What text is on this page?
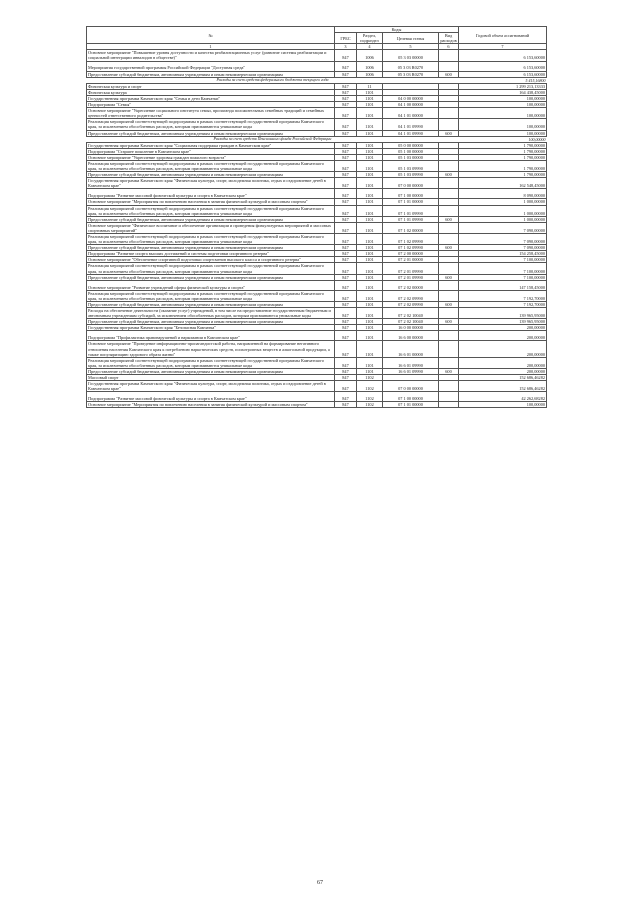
№	Коды				Годовой объем ассигнований
	ГРБС	Раздел, подраздел	Целевая статья	Вид расходов	
1	3	4	5	6	7
Основное мероприятие "Повышение уровня доступности и качества реабилитационных услуг (развитие системы реабилитации и социальной интеграции инвалидов в обществе)"	847	1006	05 3 03 00000		6 153,60000
Мероприятия государственной программы Российской Федерации "Доступная среда"	847	1006	05 3 03 R0270		6 153,60000
Предоставление субсидий бюджетным, автономным учреждениям и иным некоммерческим организациям	847	1006	05 3 03 R0270	600	6 153,60000
Расходы за счет средств федерального бюджета текущего года					5 415,16800
Физическая культура и спорт	847	11			1 299 213,13333
Физическая культура	847	1101			164 438,45000
Государственная программа Камчатского края "Семья и дети Камчатки"	847	1101	04 0 00 00000		100,00000
Подпрограмма "Семья"	847	1101	04 1 00 00000		100,00000
Основное мероприятие "Укрепление социального института семьи, пропаганда положительных семейных традиций и семейных ценностей ответственного родительства"	847	1101	04 1 01 00000		100,00000
Реализация мероприятий соответствующей подпрограммы в рамках соответствующей государственной программы Камчатского края, за исключением обособленных расходов, которым присваиваются уникальные коды	847	1101	04 1 01 09990		100,00000
Предоставление субсидий бюджетным, автономным учреждениям и иным некоммерческим организациям	847	1101	04 1 01 09990	600	100,00000
Расходы за счет средств Пенсионного фонда Российской Федерации					100,00000
Государственная программа Камчатского края "Социальная поддержка граждан в Камчатском крае"	847	1101	05 0 00 00000		1 790,00000
Подпрограмма "Старшее поколение в Камчатском крае"	847	1101	05 1 00 00000		1 790,00000
Основное мероприятие "Укрепление здоровья граждан пожилого возраста"	847	1101	05 1 03 00000		1 790,00000
Реализация мероприятий соответствующей подпрограммы в рамках соответствующей государственной программы Камчатского края, за исключением обособленных расходов, которым присваиваются уникальные коды	847	1101	05 1 03 09990		1 790,00000
Предоставление субсидий бюджетным, автономным учреждениям и иным некоммерческим организациям	847	1101	05 1 03 09990	600	1 790,00000
Государственная программа Камчатского края "Физическая культура, спорт, молодежная политика, отдых и оздоровление детей в Камчатском крае"	847	1101	07 0 00 00000		162 548,45000
Подпрограмма "Развитие массовой физической культуры и спорта в Камчатском крае"	847	1101	07 1 00 00000		8 090,00000
Основное мероприятие "Мероприятия по вовлечению населения в занятия физической культурой и массовым спортом"	847	1101	07 1 01 00000		1 000,00000
Реализация мероприятий соответствующей подпрограммы в рамках соответствующей государственной программы Камчатского края, за исключением обособленных расходов, которым присваиваются уникальные коды	847	1101	07 1 01 09990		1 000,00000
Предоставление субсидий бюджетным, автономным учреждениям и иным некоммерческим организациям	847	1101	07 1 01 09990	600	1 000,00000
Основное мероприятие "Физическое воспитание и обеспечение организации и проведения физкультурных мероприятий и массовых спортивных мероприятий"	847	1101	07 1 02 00000		7 090,00000
Реализация мероприятий соответствующей подпрограммы в рамках соответствующей государственной программы Камчатского края, за исключением обособленных расходов, которым присваиваются уникальные коды	847	1101	07 1 02 09990		7 090,00000
Предоставление субсидий бюджетным, автономным учреждениям и иным некоммерческим организациям	847	1101	07 1 02 09990	600	7 090,00000
Подпрограмма "Развитие спорта высших достижений и системы подготовки спортивного резерва"	847	1101	07 2 00 00000		154 258,45000
Основное мероприятие "Обеспечение спортивной подготовки спортсменов высокого класса и спортивного резерва"	847	1101	07 2 01 00000		7 100,00000
Реализация мероприятий соответствующей подпрограммы в рамках соответствующей государственной программы Камчатского края, за исключением обособленных расходов, которым присваиваются уникальные коды	847	1101	07 2 01 09990		7 100,00000
Предоставление субсидий бюджетным, автономным учреждениям и иным некоммерческим организациям	847	1101	07 2 01 09990	600	7 100,00000
Основное мероприятие "Развитие учреждений сферы физической культуры и спорта"	847	1101	07 2 02 00000		147 158,45000
Реализация мероприятий соответствующей подпрограммы в рамках соответствующей государственной программы Камчатского края, за исключением обособленных расходов, которым присваиваются уникальные коды	847	1101	07 2 02 09990		7 192,70000
Предоставление субсидий бюджетным, автономным учреждениям и иным некоммерческим организациям	847	1101	07 2 02 09990	600	7 192,70000
Расходы на обеспечение деятельности (оказание услуг) учреждений, в том числе на предоставление государственным бюджетным и автономным учреждениям субсидий, за исключением обособленных расходов, которым присваиваются уникальные коды	847	1101	07 2 02 10040		139 965,95000
Предоставление субсидий бюджетным, автономным учреждениям и иным некоммерческим организациям	847	1101	07 2 02 10040	600	139 965,95000
Государственная программа Камчатского края "Безопасная Камчатка"	847	1101	16 0 00 00000		200,00000
Подпрограмма "Профилактика правонарушений и наркомании в Камчатском крае"	847	1101	16 6 00 00000		200,00000
Основное мероприятие "Проведение информационно-пропагандистской работы, направленной на формирование негативного отношения населения Камчатского края к потреблению наркотических средств, психотропных веществ и алкогольной продукции, а также популяризацию здорового образа жизни"	847	1101	16 6 01 00000		200,00000
Реализация мероприятий соответствующей подпрограммы в рамках соответствующей государственной программы Камчатского края, за исключением обособленных расходов, которым присваиваются уникальные коды	847	1101	16 6 01 09990		200,00000
Предоставление субсидий бюджетным, автономным учреждениям и иным некоммерческим организациям	847	1101	16 6 01 09990	600	200,00000
Массовый спорт	847	1102			152 686,46282
Государственная программа Камчатского края "Физическая культура, спорт, молодежная политика, отдых и оздоровление детей в Камчатском крае"	847	1102	07 0 00 00000		152 686,46282
Подпрограмма "Развитие массовой физической культуры и спорта в Камчатском крае"	847	1102	07 1 00 00000		42 262,68282
Основное мероприятие "Мероприятия по вовлечению населения в занятия физической культурой и массовым спортом"	847	1102	07 1 01 00000		100,00000
67
